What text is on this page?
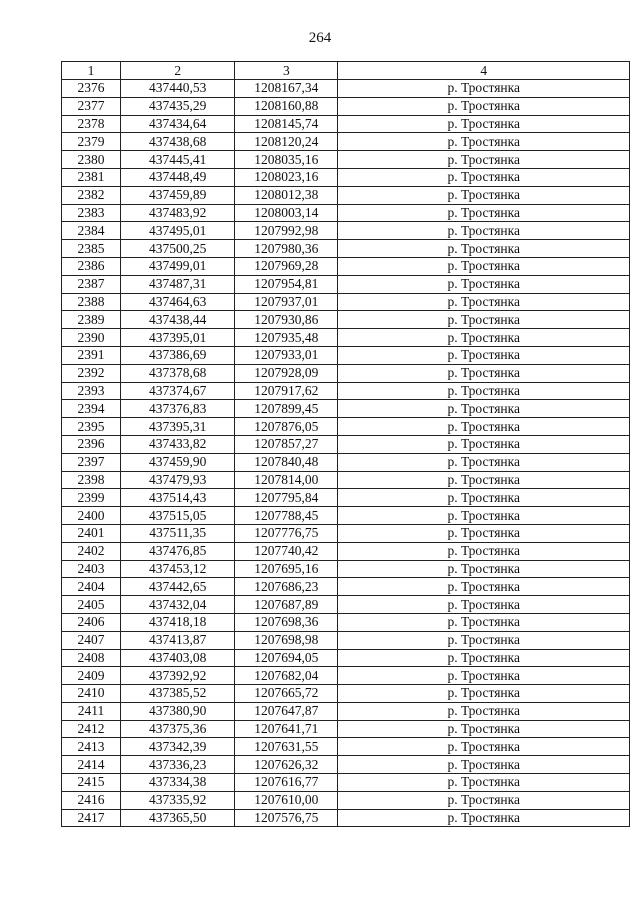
264
1	2	3	4
2376	437440,53	1208167,34	р. Тростянка
2377	437435,29	1208160,88	р. Тростянка
2378	437434,64	1208145,74	р. Тростянка
2379	437438,68	1208120,24	р. Тростянка
2380	437445,41	1208035,16	р. Тростянка
2381	437448,49	1208023,16	р. Тростянка
2382	437459,89	1208012,38	р. Тростянка
2383	437483,92	1208003,14	р. Тростянка
2384	437495,01	1207992,98	р. Тростянка
2385	437500,25	1207980,36	р. Тростянка
2386	437499,01	1207969,28	р. Тростянка
2387	437487,31	1207954,81	р. Тростянка
2388	437464,63	1207937,01	р. Тростянка
2389	437438,44	1207930,86	р. Тростянка
2390	437395,01	1207935,48	р. Тростянка
2391	437386,69	1207933,01	р. Тростянка
2392	437378,68	1207928,09	р. Тростянка
2393	437374,67	1207917,62	р. Тростянка
2394	437376,83	1207899,45	р. Тростянка
2395	437395,31	1207876,05	р. Тростянка
2396	437433,82	1207857,27	р. Тростянка
2397	437459,90	1207840,48	р. Тростянка
2398	437479,93	1207814,00	р. Тростянка
2399	437514,43	1207795,84	р. Тростянка
2400	437515,05	1207788,45	р. Тростянка
2401	437511,35	1207776,75	р. Тростянка
2402	437476,85	1207740,42	р. Тростянка
2403	437453,12	1207695,16	р. Тростянка
2404	437442,65	1207686,23	р. Тростянка
2405	437432,04	1207687,89	р. Тростянка
2406	437418,18	1207698,36	р. Тростянка
2407	437413,87	1207698,98	р. Тростянка
2408	437403,08	1207694,05	р. Тростянка
2409	437392,92	1207682,04	р. Тростянка
2410	437385,52	1207665,72	р. Тростянка
2411	437380,90	1207647,87	р. Тростянка
2412	437375,36	1207641,71	р. Тростянка
2413	437342,39	1207631,55	р. Тростянка
2414	437336,23	1207626,32	р. Тростянка
2415	437334,38	1207616,77	р. Тростянка
2416	437335,92	1207610,00	р. Тростянка
2417	437365,50	1207576,75	р. Тростянка
